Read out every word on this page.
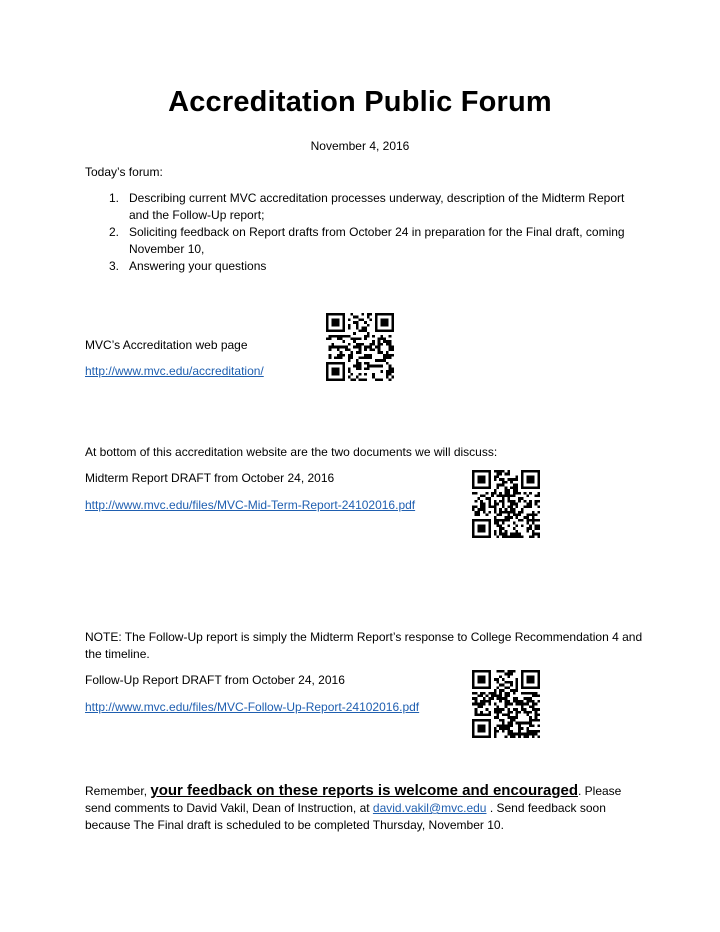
Accreditation Public Forum
November 4, 2016
Today’s forum:
1. Describing current MVC accreditation processes underway, description of the Midterm Report and the Follow-Up report;
2. Soliciting feedback on Report drafts from October 24 in preparation for the Final draft, coming November 10,
3. Answering your questions
MVC’s Accreditation web page
http://www.mvc.edu/accreditation/
At bottom of this accreditation website are the two documents we will discuss:
Midterm Report DRAFT from October 24, 2016
http://www.mvc.edu/files/MVC-Mid-Term-Report-24102016.pdf
NOTE: The Follow-Up report is simply the Midterm Report’s response to College Recommendation 4 and the timeline.
Follow-Up Report DRAFT from October 24, 2016
http://www.mvc.edu/files/MVC-Follow-Up-Report-24102016.pdf
Remember, your feedback on these reports is welcome and encouraged. Please send comments to David Vakil, Dean of Instruction, at david.vakil@mvc.edu . Send feedback soon because The Final draft is scheduled to be completed Thursday, November 10.
